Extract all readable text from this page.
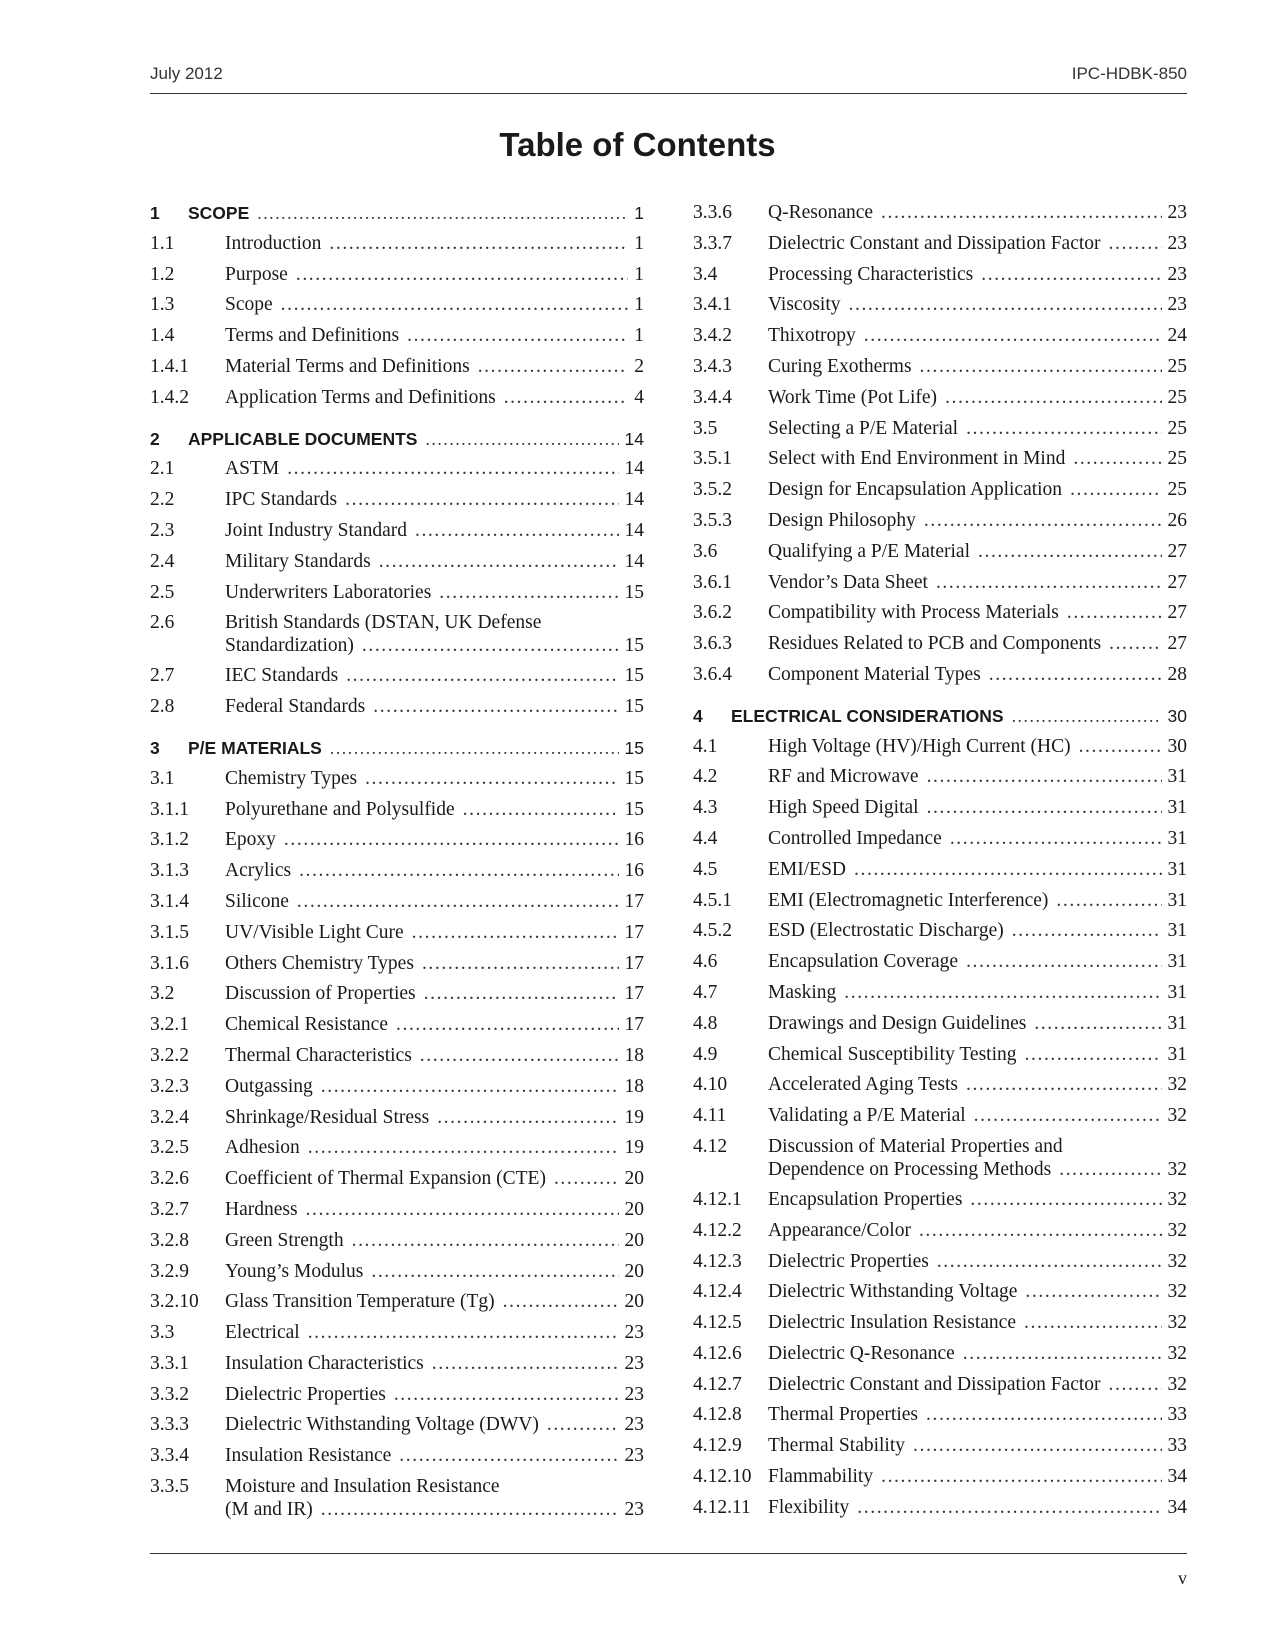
July 2012	IPC-HDBK-850
Table of Contents
1	SCOPE .....	1
1.1	Introduction .....	1
1.2	Purpose .....	1
1.3	Scope .....	1
1.4	Terms and Definitions .....	1
1.4.1	Material Terms and Definitions .....	2
1.4.2	Application Terms and Definitions .....	4
2	APPLICABLE DOCUMENTS .....	14
2.1	ASTM .....	14
2.2	IPC Standards .....	14
2.3	Joint Industry Standard .....	14
2.4	Military Standards .....	14
2.5	Underwriters Laboratories .....	15
2.6	British Standards (DSTAN, UK Defense
Standardization) .....	15
2.7	IEC Standards .....	15
2.8	Federal Standards .....	15
3	P/E MATERIALS .....	15
3.1	Chemistry Types .....	15
3.1.1	Polyurethane and Polysulfide .....	15
3.1.2	Epoxy .....	16
3.1.3	Acrylics .....	16
3.1.4	Silicone .....	17
3.1.5	UV/Visible Light Cure .....	17
3.1.6	Others Chemistry Types .....	17
3.2	Discussion of Properties .....	17
3.2.1	Chemical Resistance .....	17
3.2.2	Thermal Characteristics .....	18
3.2.3	Outgassing .....	18
3.2.4	Shrinkage/Residual Stress .....	19
3.2.5	Adhesion .....	19
3.2.6	Coefficient of Thermal Expansion (CTE) .....	20
3.2.7	Hardness .....	20
3.2.8	Green Strength .....	20
3.2.9	Young’s Modulus .....	20
3.2.10	Glass Transition Temperature (Tg) .....	20
3.3	Electrical .....	23
3.3.1	Insulation Characteristics .....	23
3.3.2	Dielectric Properties .....	23
3.3.3	Dielectric Withstanding Voltage (DWV) .....	23
3.3.4	Insulation Resistance .....	23
3.3.5	Moisture and Insulation Resistance
(M and IR) .....	23
3.3.6	Q-Resonance .....	23
3.3.7	Dielectric Constant and Dissipation Factor .....	23
3.4	Processing Characteristics .....	23
3.4.1	Viscosity .....	23
3.4.2	Thixotropy .....	24
3.4.3	Curing Exotherms .....	25
3.4.4	Work Time (Pot Life) .....	25
3.5	Selecting a P/E Material .....	25
3.5.1	Select with End Environment in Mind .....	25
3.5.2	Design for Encapsulation Application .....	25
3.5.3	Design Philosophy .....	26
3.6	Qualifying a P/E Material .....	27
3.6.1	Vendor’s Data Sheet .....	27
3.6.2	Compatibility with Process Materials .....	27
3.6.3	Residues Related to PCB and Components .....	27
3.6.4	Component Material Types .....	28
4	ELECTRICAL CONSIDERATIONS .....	30
4.1	High Voltage (HV)/High Current (HC) .....	30
4.2	RF and Microwave .....	31
4.3	High Speed Digital .....	31
4.4	Controlled Impedance .....	31
4.5	EMI/ESD .....	31
4.5.1	EMI (Electromagnetic Interference) .....	31
4.5.2	ESD (Electrostatic Discharge) .....	31
4.6	Encapsulation Coverage .....	31
4.7	Masking .....	31
4.8	Drawings and Design Guidelines .....	31
4.9	Chemical Susceptibility Testing .....	31
4.10	Accelerated Aging Tests .....	32
4.11	Validating a P/E Material .....	32
4.12	Discussion of Material Properties and
Dependence on Processing Methods .....	32
4.12.1	Encapsulation Properties .....	32
4.12.2	Appearance/Color .....	32
4.12.3	Dielectric Properties .....	32
4.12.4	Dielectric Withstanding Voltage .....	32
4.12.5	Dielectric Insulation Resistance .....	32
4.12.6	Dielectric Q-Resonance .....	32
4.12.7	Dielectric Constant and Dissipation Factor .....	32
4.12.8	Thermal Properties .....	33
4.12.9	Thermal Stability .....	33
4.12.10 Flammability .....	34
4.12.11 Flexibility .....	34
v
